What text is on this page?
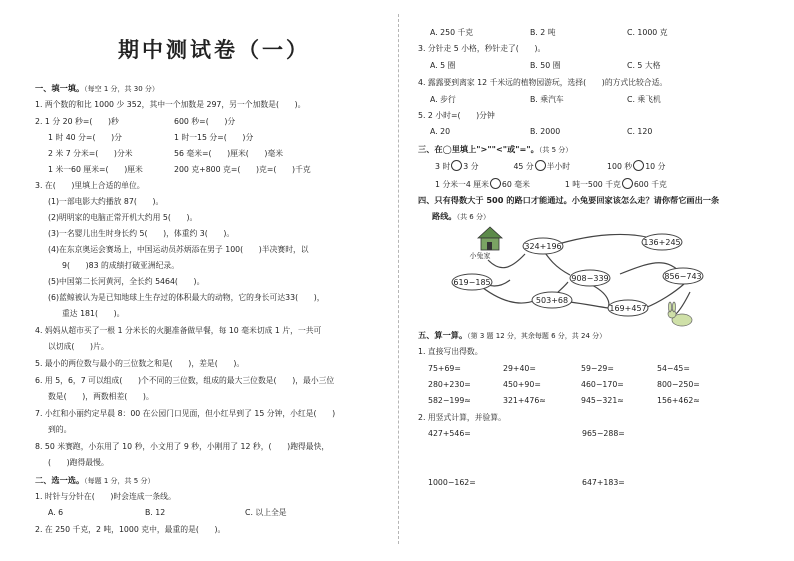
期中测试卷（一）
一、填一填。（每空 1 分，共 30 分）
1. 两个数的和比 1000 少 352，其中一个加数是 297，另一个加数是(　　)。
2. 1 分 20 秒=(　　)秒	600 秒=(　　)分
1 时 40 分=(　　)分	1 时一15 分=(　　)分
2 米 7 分米=(　　)分米	56 毫米=(　　)厘米(　　)毫米
1 米一60 厘米=(　　)厘米	200 克+800 克=(　　)克=(　　)千克
3. 在(　　)里填上合适的单位。
(1)一部电影大约播放 87(　　)。
(2)明明家的电脑正常开机大约用 5(　　)。
(3)一名婴儿出生时身长约 5(　　)，体重约 3(　　)。
(4)在东京奥运会赛场上，中国运动员苏炳添在男子 100(　　)半决赛时，以
9(　　)83 的成绩打破亚洲纪录。
(5)中国第二长河黄河，全长约 5464(　　)。
(6)蓝鲸被认为是已知地球上生存过的体积最大的动物，它的身长可达33(　　)，
重达 181(　　)。
4. 妈妈从超市买了一根 1 分米长的火腿准备做早餐，每 10 毫米切成 1 片，一共可
以切成(　　)片。
5. 最小的两位数与最小的三位数之和是(　　)，差是(　　)。
6. 用 5，6，7 可以组成(　　)个不同的三位数，组成的最大三位数是(　　)，最小三位
数是(　　)，两数相差(　　)。
7. 小红和小丽约定早晨 8：00 在公园门口见面，但小红早到了 15 分钟，小红是(　　)
到的。
8. 50 米赛跑，小东用了 10 秒，小文用了 9 秒，小刚用了 12 秒，(　　)跑得最快，
(　　)跑得最慢。
二、选一选。（每题 1 分，共 5 分）
1. 时针与分针在(　　)时会连成一条线。
A. 6	B. 12	C. 以上全是
2. 在 250 千克，2 吨，1000 克中，最重的是(　　)。
A. 250 千克	B. 2 吨	C. 1000 克
3. 分针走 5 小格，秒针走了(　　)。
A. 5 圈	B. 50 圈	C. 5 大格
4. 露露要到离家 12 千米远的植物园游玩，选择(　　)的方式比较合适。
A. 步行	B. 乘汽车	C. 乘飞机
5. 2 小时=(　　)分钟
A. 20	B. 2000	C. 120
三、在◯里填上">""<"或"="。（共 5 分）
3 时 3 分	45 分 半小时	100 秒 10 分
1 分米一4 厘米 60 毫米	1 吨一500 千克 600 千克
四、只有得数大于 500 的路口才能通过。小兔要回家该怎么走？请你帮它画出一条
路线。（共 6 分）
324+196	136+245
908−339
619−185
856−743
503+68
169+457
小兔家
五、算一算。（第 3 题 12 分，其余每题 6 分，共 24 分）
1. 直接写出得数。
75+69=	29+40=	59−29=	54−45=
280+230=	450+90=	460−170=	800−250=
582−199≈	321+476≈	945−321≈	156+462≈
2. 用竖式计算，并验算。
427+546=	965−288=
1000−162=	647+183=
